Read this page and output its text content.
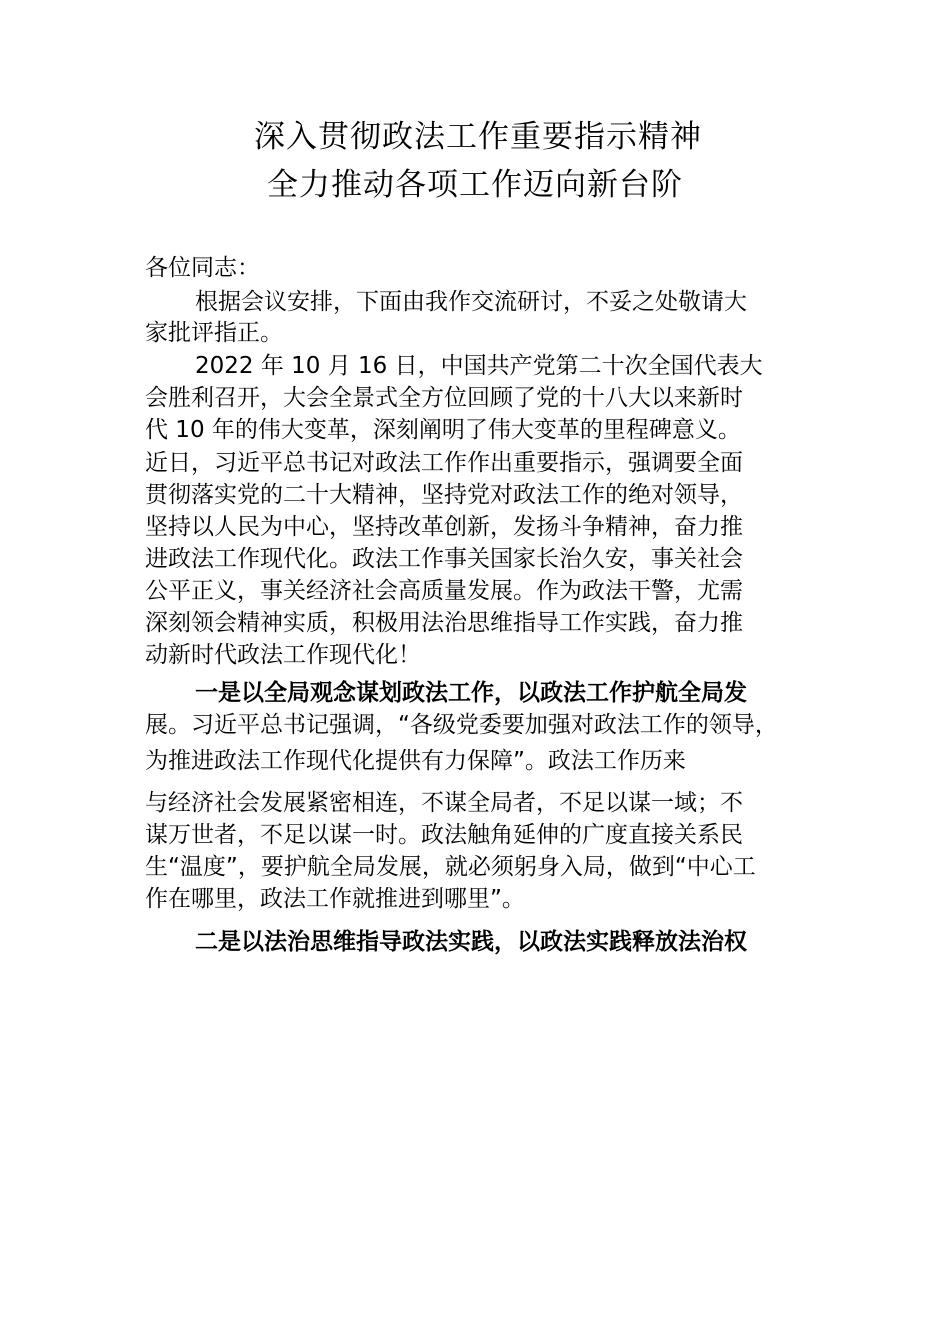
深入贯彻政法工作重要指示精神
全力推动各项工作迈向新台阶
各位同志：
根据会议安排，下面由我作交流研讨，不妥之处敬请大
家批评指正。
2022 年 10 月 16 日，中国共产党第二十次全国代表大
会胜利召开，大会全景式全方位回顾了党的十八大以来新时
代 10 年的伟大变革，深刻阐明了伟大变革的里程碑意义。
近日，习近平总书记对政法工作作出重要指示，强调要全面
贯彻落实党的二十大精神，坚持党对政法工作的绝对领导，
坚持以人民为中心，坚持改革创新，发扬斗争精神，奋力推
进政法工作现代化。政法工作事关国家长治久安，事关社会
公平正义，事关经济社会高质量发展。作为政法干警，尤需
深刻领会精神实质，积极用法治思维指导工作实践，奋力推
动新时代政法工作现代化！
一是以全局观念谋划政法工作，以政法工作护航全局发
展。习近平总书记强调，“各级党委要加强对政法工作的领导，
为推进政法工作现代化提供有力保障”。政法工作历来
与经济社会发展紧密相连，不谋全局者，不足以谋一域；不
谋万世者，不足以谋一时。政法触角延伸的广度直接关系民
生“温度”，要护航全局发展，就必须躬身入局，做到“中心工
作在哪里，政法工作就推进到哪里”。
二是以法治思维指导政法实践，以政法实践释放法治权
